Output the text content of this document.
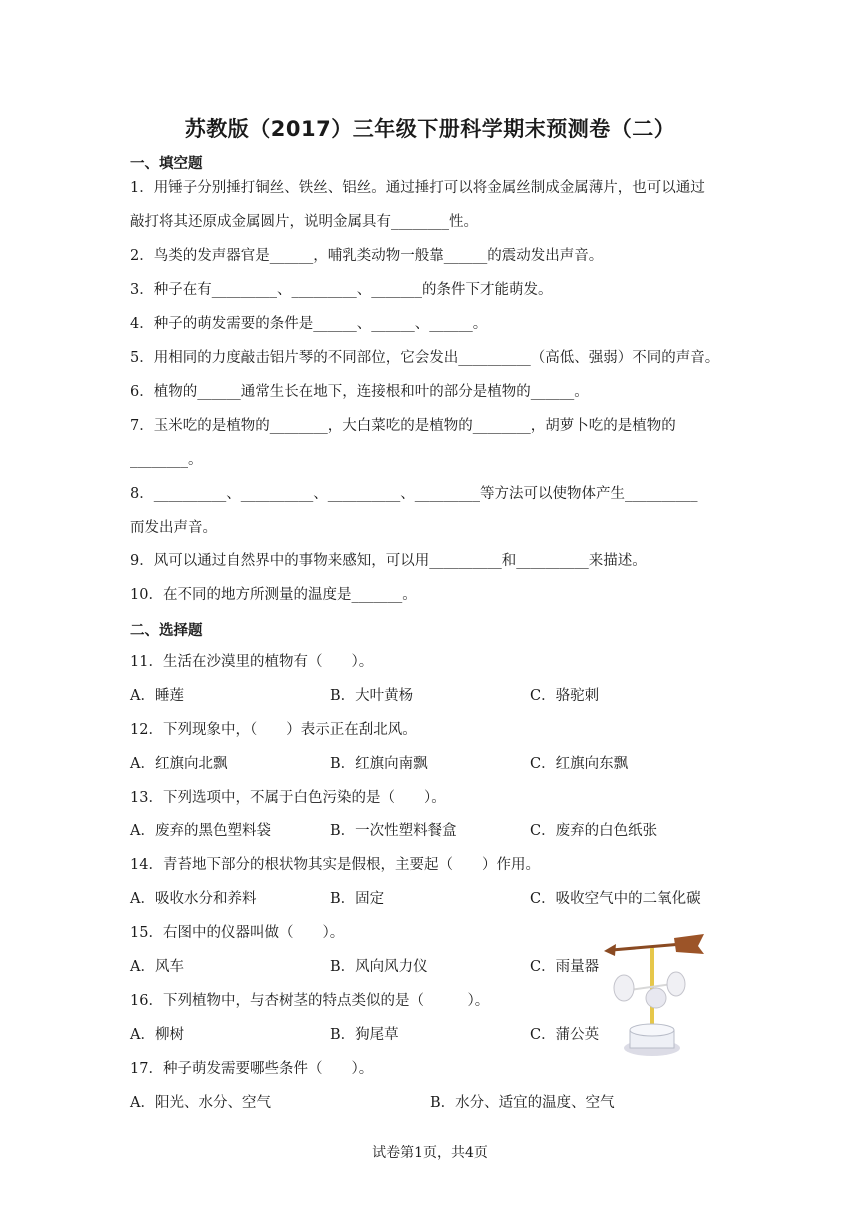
苏教版（2017）三年级下册科学期末预测卷（二）
一、填空题
1．用锤子分别捶打铜丝、铁丝、铝丝。通过捶打可以将金属丝制成金属薄片，也可以通过
敲打将其还原成金属圆片，说明金属具有________性。
2．鸟类的发声器官是______，哺乳类动物一般靠______的震动发出声音。
3．种子在有_________、_________、_______的条件下才能萌发。
4．种子的萌发需要的条件是______、______、______。
5．用相同的力度敲击铝片琴的不同部位，它会发出__________（高低、强弱）不同的声音。
6．植物的______通常生长在地下，连接根和叶的部分是植物的______。
7．玉米吃的是植物的________，大白菜吃的是植物的________，胡萝卜吃的是植物的
________。
8．__________、__________、__________、_________等方法可以使物体产生__________
而发出声音。
9．风可以通过自然界中的事物来感知，可以用__________和__________来描述。
10．在不同的地方所测量的温度是_______。
二、选择题
11．生活在沙漠里的植物有（　　）。
A．睡莲	B．大叶黄杨	C．骆驼刺
12．下列现象中，（　　）表示正在刮北风。
A．红旗向北飘	B．红旗向南飘	C．红旗向东飘
13．下列选项中，不属于白色污染的是（　　）。
A．废弃的黑色塑料袋	B．一次性塑料餐盒	C．废弃的白色纸张
14．青苔地下部分的根状物其实是假根，主要起（　　）作用。
A．吸收水分和养料	B．固定	C．吸收空气中的二氧化碳
15．右图中的仪器叫做（　　）。
A．风车	B．风向风力仪	C．雨量器
16．下列植物中，与杏树茎的特点类似的是（　　　）。
A．柳树	B．狗尾草	C．蒲公英
17．种子萌发需要哪些条件（　　）。
A．阳光、水分、空气	B．水分、适宜的温度、空气
试卷第1页，共4页
